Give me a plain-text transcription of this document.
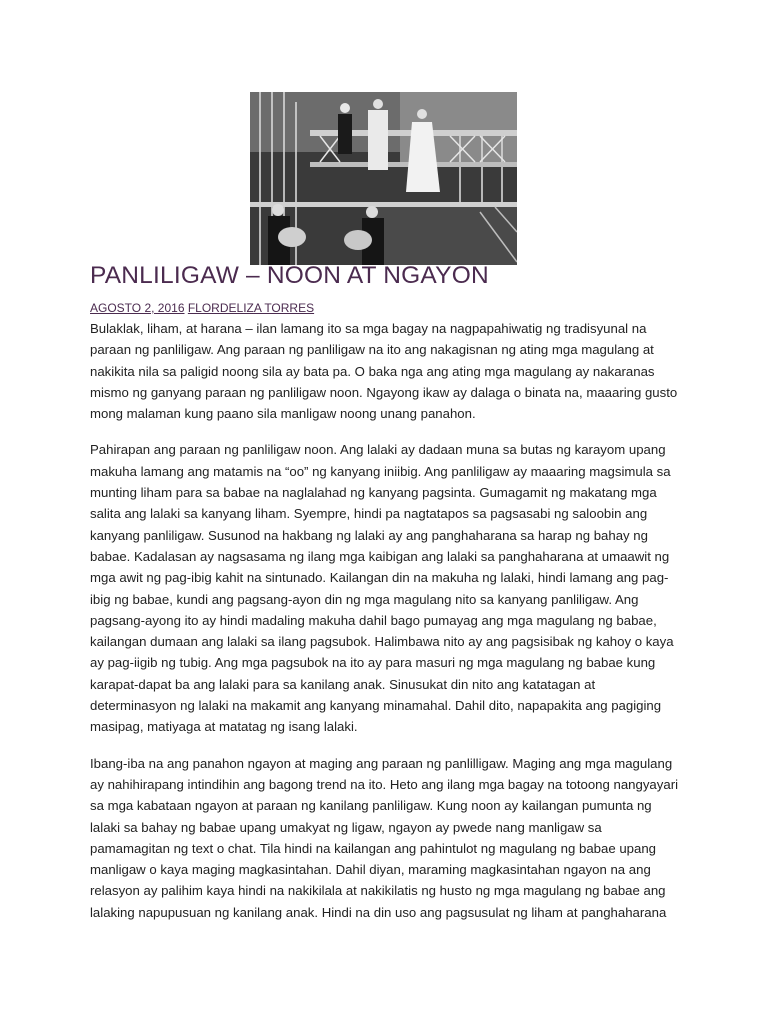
PANLILIGAW – NOON AT NGAYON
AGOSTO 2, 2016 FLORDELIZA TORRES

Bulaklak, liham, at harana – ilan lamang ito sa mga bagay na nagpapahiwatig ng tradisyunal na
paraan ng panliligaw. Ang paraan ng panliligaw na ito ang nakagisnan ng ating mga magulang at
nakikita nila sa paligid noong sila ay bata pa. O baka nga ang ating mga magulang ay nakaranas
mismo ng ganyang paraan ng panliligaw noon. Ngayong ikaw ay dalaga o binata na, maaaring gusto
mong malaman kung paano sila manligaw noong unang panahon.

Pahirapan ang paraan ng panliligaw noon. Ang lalaki ay dadaan muna sa butas ng karayom upang
makuha lamang ang matamis na “oo” ng kanyang iniibig. Ang panliligaw ay maaaring magsimula sa
munting liham para sa babae na naglalahad ng kanyang pagsinta. Gumagamit ng makatang mga
salita ang lalaki sa kanyang liham. Syempre, hindi pa nagtatapos sa pagsasabi ng saloobin ang
kanyang panliligaw. Susunod na hakbang ng lalaki ay ang panghaharana sa harap ng bahay ng
babae. Kadalasan ay nagsasama ng ilang mga kaibigan ang lalaki sa panghaharana at umaawit ng
mga awit ng pag-ibig kahit na sintunado. Kailangan din na makuha ng lalaki, hindi lamang ang pag-
ibig ng babae, kundi ang pagsang-ayon din ng mga magulang nito sa kanyang panliligaw. Ang
pagsang-ayong ito ay hindi madaling makuha dahil bago pumayag ang mga magulang ng babae,
kailangan dumaan ang lalaki sa ilang pagsubok. Halimbawa nito ay ang pagsisibak ng kahoy o kaya
ay pag-iigib ng tubig. Ang mga pagsubok na ito ay para masuri ng mga magulang ng babae kung
karapat-dapat ba ang lalaki para sa kanilang anak. Sinusukat din nito ang katatagan at
determinasyon ng lalaki na makamit ang kanyang minamahal. Dahil dito, napapakita ang pagiging
masipag, matiyaga at matatag ng isang lalaki.

Ibang-iba na ang panahon ngayon at maging ang paraan ng panlilligaw. Maging ang mga magulang
ay nahihirapang intindihin ang bagong trend na ito. Heto ang ilang mga bagay na totoong nangyayari
sa mga kabataan ngayon at paraan ng kanilang panliligaw. Kung noon ay kailangan pumunta ng
lalaki sa bahay ng babae upang umakyat ng ligaw, ngayon ay pwede nang manligaw sa
pamamagitan ng text o chat. Tila hindi na kailangan ang pahintulot ng magulang ng babae upang
manligaw o kaya maging magkasintahan. Dahil diyan, maraming magkasintahan ngayon na ang
relasyon ay palihim kaya hindi na nakikilala at nakikilatis ng husto ng mga magulang ng babae ang
lalaking napupusuan ng kanilang anak. Hindi na din uso ang pagsusulat ng liham at panghaharana
